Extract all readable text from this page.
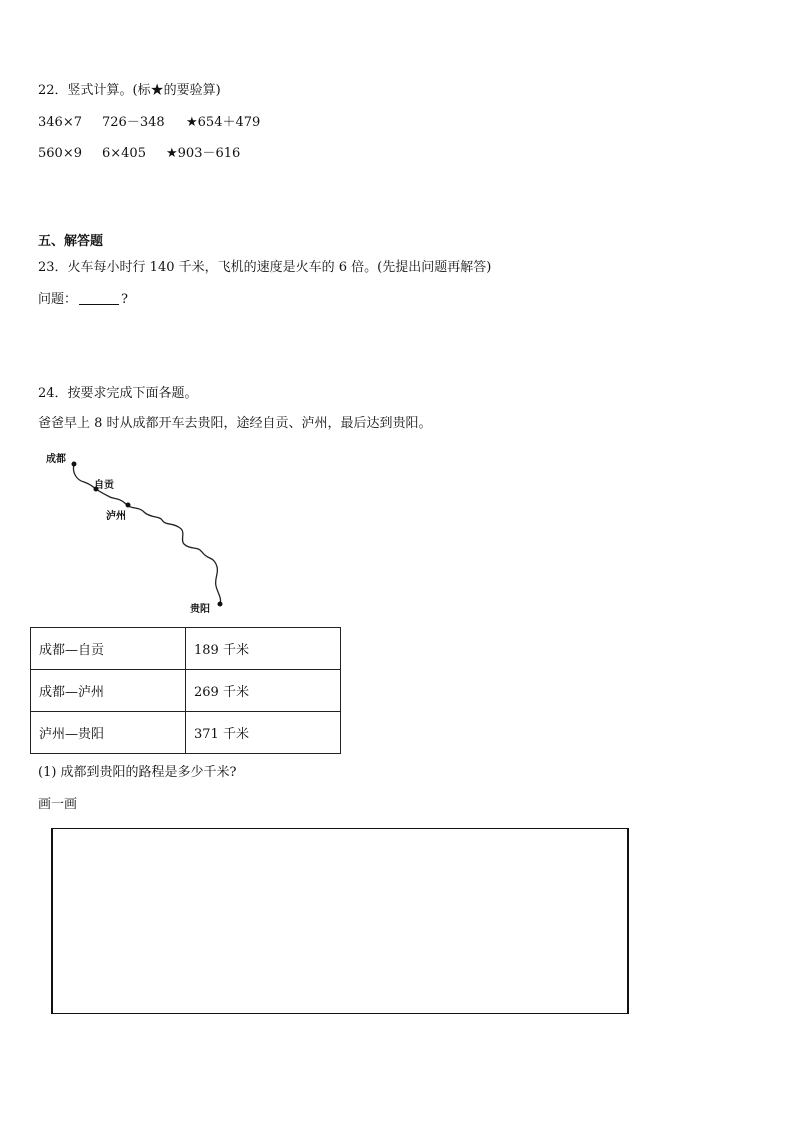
22．竖式计算。(标★的要验算)
346×7 726－348 ★654＋479
560×9 6×405 ★903－616
五、解答题
23．火车每小时行 140 千米，飞机的速度是火车的 6 倍。(先提出问题再解答)
问题：	?
24．按要求完成下面各题。
爸爸早上 8 时从成都开车去贵阳，途经自贡、泸州，最后达到贵阳。
成都
自贡
泸州
贵阳
成都—自贡	189 千米
成都—泸州	269 千米
泸州—贵阳	371 千米
(1) 成都到贵阳的路程是多少千米?
画一画
